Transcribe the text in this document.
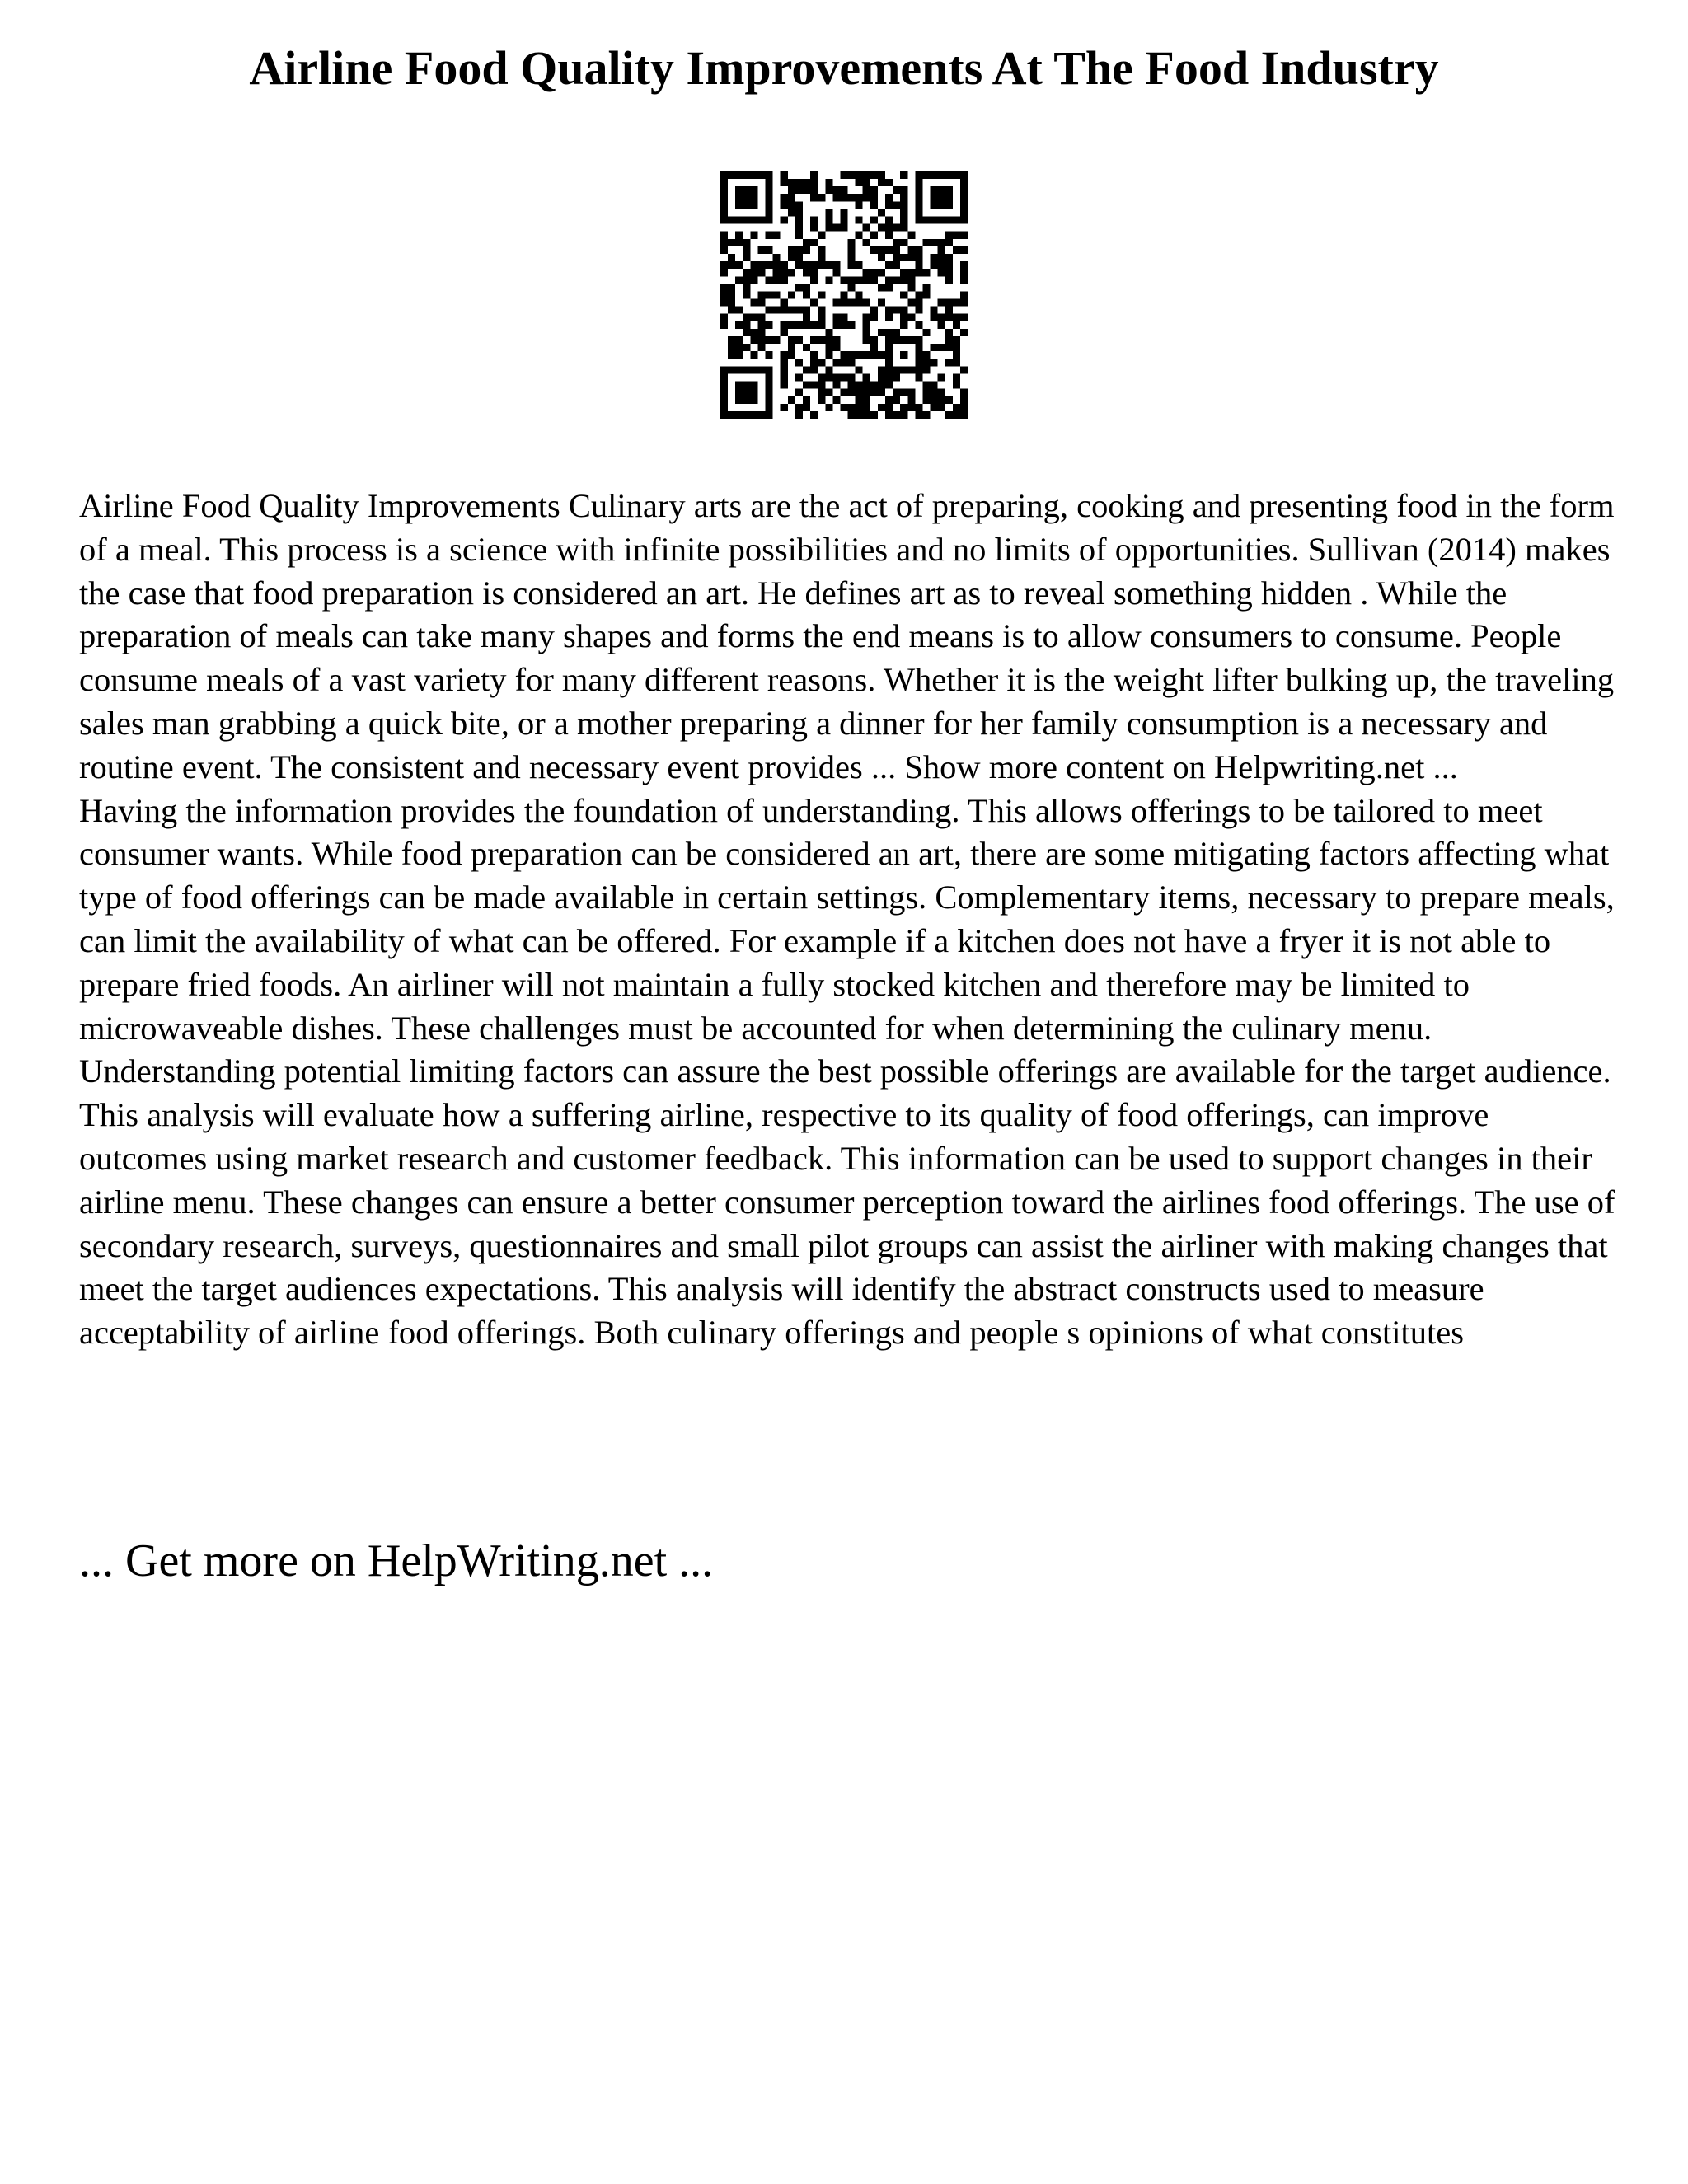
Airline Food Quality Improvements At The Food Industry

Airline Food Quality Improvements Culinary arts are the act of preparing, cooking and presenting food in the form of a meal. This process is a science with infinite possibilities and no limits of opportunities. Sullivan (2014) makes the case that food preparation is considered an art. He defines art as to reveal something hidden . While the preparation of meals can take many shapes and forms the end means is to allow consumers to consume. People consume meals of a vast variety for many different reasons. Whether it is the weight lifter bulking up, the traveling sales man grabbing a quick bite, or a mother preparing a dinner for her family consumption is a necessary and routine event. The consistent and necessary event provides ... Show more content on Helpwriting.net ...

Having the information provides the foundation of understanding. This allows offerings to be tailored to meet consumer wants. While food preparation can be considered an art, there are some mitigating factors affecting what type of food offerings can be made available in certain settings. Complementary items, necessary to prepare meals, can limit the availability of what can be offered. For example if a kitchen does not have a fryer it is not able to prepare fried foods. An airliner will not maintain a fully stocked kitchen and therefore may be limited to microwaveable dishes. These challenges must be accounted for when determining the culinary menu. Understanding potential limiting factors can assure the best possible offerings are available for the target audience.

This analysis will evaluate how a suffering airline, respective to its quality of food offerings, can improve outcomes using market research and customer feedback. This information can be used to support changes in their airline menu. These changes can ensure a better consumer perception toward the airlines food offerings. The use of secondary research, surveys, questionnaires and small pilot groups can assist the airliner with making changes that meet the target audiences expectations. This analysis will identify the abstract constructs used to measure acceptability of airline food offerings. Both culinary offerings and people s opinions of what constitutes

... Get more on HelpWriting.net ...
